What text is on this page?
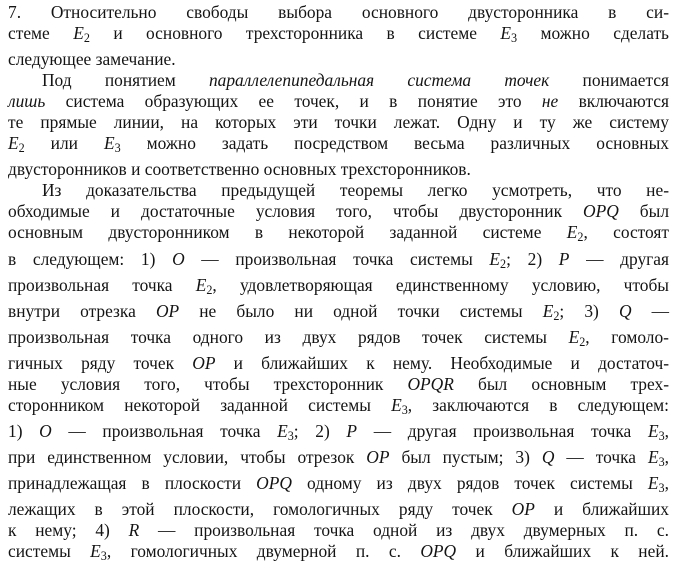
7. Относительно свободы выбора основного двусторонника в си-
стеме $E_2$ и основного трехсторонника в системе $E_3$ можно сделать
следующее замечание.

Под понятием параллелепипедальная система точек понимается
лишь система образующих ее точек, и в понятие это не включаются
те прямые линии, на которых эти точки лежат. Одну и ту же систему
$E_2$ или $E_3$ можно задать посредством весьма различных основных
двусторонников и соответственно основных трехсторонников.

Из доказательства предыдущей теоремы легко усмотреть, что не-
обходимые и достаточные условия того, чтобы двусторонник OPQ был
основным двусторонником в некоторой заданной системе $E_2$, состоят
в следующем: 1) O — произвольная точка системы $E_2$; 2) P — другая
произвольная точка $E_2$, удовлетворяющая единственному условию, чтобы
внутри отрезка OP не было ни одной точки системы $E_2$; 3) Q —
произвольная точка одного из двух рядов точек системы $E_2$, гомоло-
гичных ряду точек OP и ближайших к нему. Необходимые и достаточ-
ные условия того, чтобы трехсторонник OPQR был основным трех-
сторонником некоторой заданной системы $E_3$, заключаются в следующем:
1) O — произвольная точка $E_3$; 2) P — другая произвольная точка $E_3$,
при единственном условии, чтобы отрезок OP был пустым; 3) Q — точка $E_3$,
принадлежащая в плоскости OPQ одному из двух рядов точек системы $E_3$,
лежащих в этой плоскости, гомологичных ряду точек OP и ближайших
к нему; 4) R — произвольная точка одной из двух двумерных п. с.
системы $E_3$, гомологичных двумерной п. с. OPQ и ближайших к ней.
